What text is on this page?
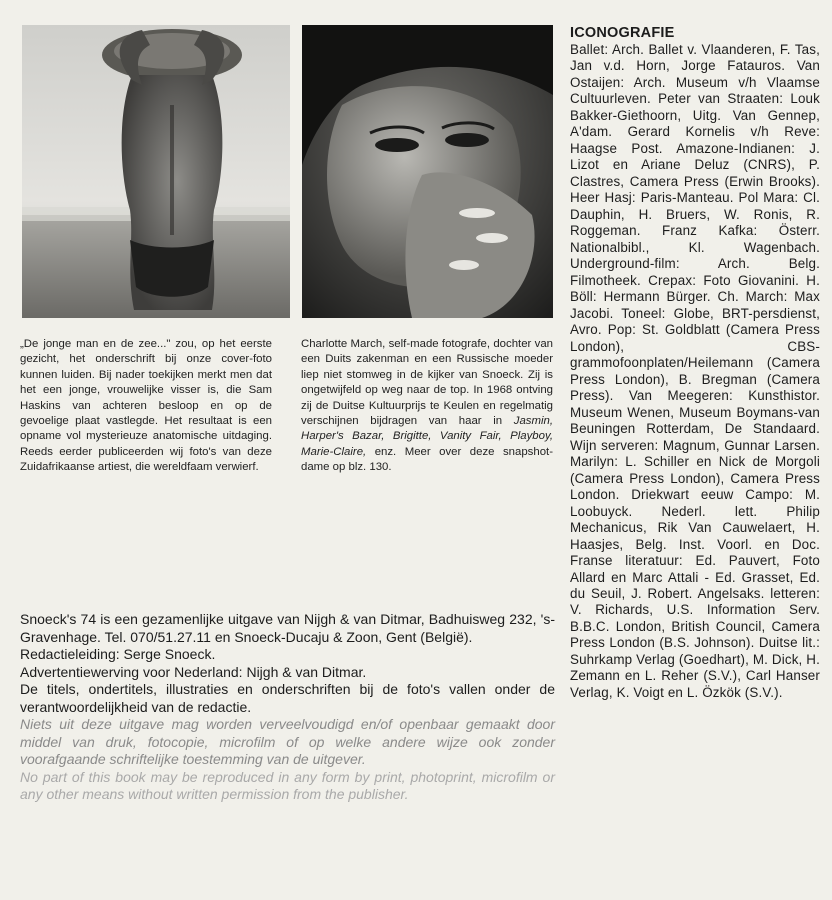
„De jonge man en de zee..." zou, op het eerste gezicht, het onderschrift bij onze cover-foto kunnen luiden. Bij nader toekijken merkt men dat het een jonge, vrouwelijke visser is, die Sam Haskins van achteren besloop en op de gevoelige plaat vastlegde. Het resultaat is een opname vol mysterieuze anatomische uitdaging. Reeds eerder publiceerden wij foto's van deze Zuidafrikaanse artiest, die wereldfaam verwierf.
Charlotte March, self-made fotografe, dochter van een Duits zakenman en een Russische moeder liep niet stomweg in de kijker van Snoeck. Zij is ongetwijfeld op weg naar de top. In 1968 ontving zij de Duitse Kultuurprijs te Keulen en regelmatig verschijnen bijdragen van haar in Jasmin, Harper's Bazar, Brigitte, Vanity Fair, Playboy, Marie-Claire, enz. Meer over deze snapshot-dame op blz. 130.
ICONOGRAFIE

Ballet: Arch. Ballet v. Vlaanderen, F. Tas, Jan v.d. Horn, Jorge Fatauros. Van Ostaijen: Arch. Museum v/h Vlaamse Cultuurleven. Peter van Straaten: Louk Bakker-Giethoorn, Uitg. Van Gennep, A'dam. Gerard Kornelis v/h Reve: Haagse Post. Amazone-Indianen: J. Lizot en Ariane Deluz (CNRS), P. Clastres, Camera Press (Erwin Brooks). Heer Hasj: Paris-Manteau. Pol Mara: Cl. Dauphin, H. Bruers, W. Ronis, R. Roggeman. Franz Kafka: Österr. Nationalbibl., Kl. Wagenbach. Underground-film: Arch. Belg. Filmotheek. Crepax: Foto Giovanini. H. Böll: Hermann Bürger. Ch. March: Max Jacobi. Toneel: Globe, BRT-persdienst, Avro. Pop: St. Goldblatt (Camera Press London), CBS-grammofoonplaten/Heilemann (Camera Press London), B. Bregman (Camera Press). Van Meegeren: Kunsthistor. Museum Wenen, Museum Boymans-van Beuningen Rotterdam, De Standaard. Wijn serveren: Magnum, Gunnar Larsen. Marilyn: L. Schiller en Nick de Morgoli (Camera Press London), Camera Press London. Driekwart eeuw Campo: M. Loobuyck. Nederl. lett. Philip Mechanicus, Rik Van Cauwelaert, H. Haasjes, Belg. Inst. Voorl. en Doc. Franse literatuur: Ed. Pauvert, Foto Allard en Marc Attali - Ed. Grasset, Ed. du Seuil, J. Robert. Angelsaks. letteren: V. Richards, U.S. Information Serv. B.B.C. London, British Council, Camera Press London (B.S. Johnson). Duitse lit.: Suhrkamp Verlag (Goedhart), M. Dick, H. Zemann en L. Reher (S.V.), Carl Hanser Verlag, K. Voigt en L. Özkök (S.V.).

Snoeck's 74 is een gezamenlijke uitgave van Nijgh & van Ditmar, Badhuisweg 232, 's-Gravenhage. Tel. 070/51.27.11 en Snoeck-Ducaju & Zoon, Gent (België).

Redactieleiding: Serge Snoeck.

Advertentiewerving voor Nederland: Nijgh & van Ditmar.

De titels, ondertitels, illustraties en onderschriften bij de foto's vallen onder de verantwoordelijkheid van de redactie.

Niets uit deze uitgave mag worden verveelvoudigd en/of openbaar gemaakt door middel van druk, fotocopie, microfilm of op welke andere wijze ook zonder voorafgaande schriftelijke toestemming van de uitgever.

No part of this book may be reproduced in any form by print, photoprint, microfilm or any other means without written permission from the publisher.
